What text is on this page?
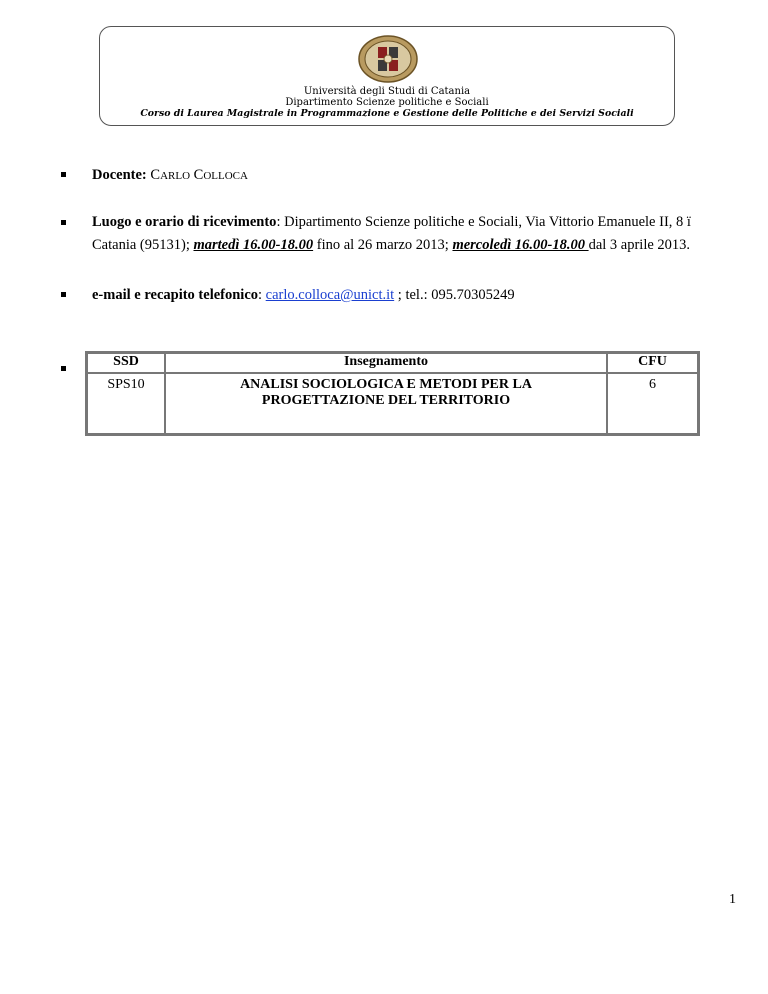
Università degli Studi di Catania
Dipartimento Scienze politiche e Sociali
Corso di Laurea Magistrale in Programmazione e Gestione delle Politiche e dei Servizi Sociali
Docente: CARLO COLLOCA
Luogo e orario di ricevimento: Dipartimento Scienze politiche e Sociali, Via Vittorio Emanuele II, 8 ï
Catania (95131); martedì 16.00-18.00 fino al 26 marzo 2013; mercoledì 16.00-18.00 dal 3 aprile 2013.
e-mail e recapito telefonico: carlo.colloca@unict.it ; tel.: 095.70305249
SSD	Insegnamento	CFU
SPS10	ANALISI SOCIOLOGICA E METODI PER LA
PROGETTAZIONE DEL TERRITORIO	6
1
